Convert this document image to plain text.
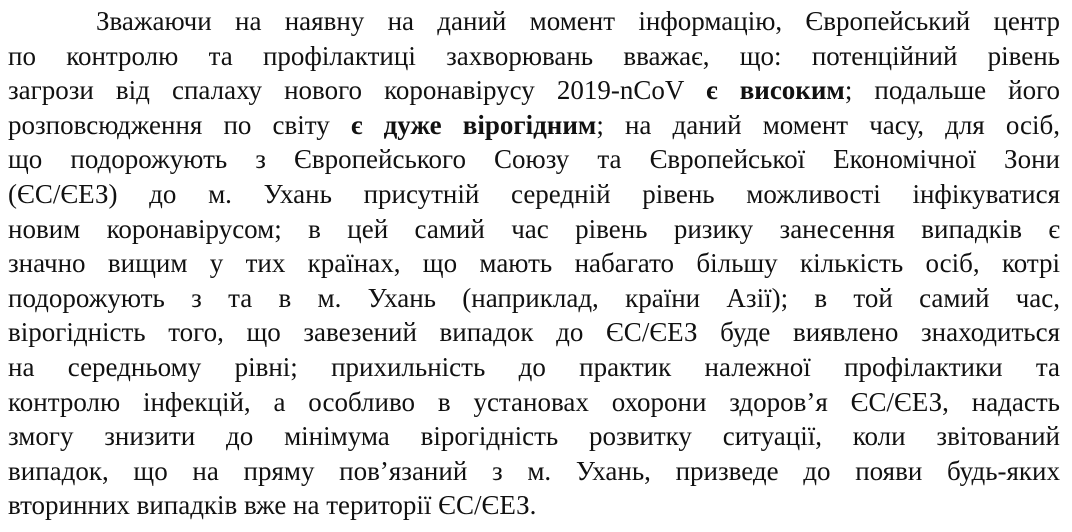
Зважаючи на наявну на даний момент інформацію, Європейський центр
по контролю та профілактиці захворювань вважає, що: потенційний рівень
загрози від спалаху нового коронавірусу 2019-nCoV є високим; подальше його
розповсюдження по світу є дуже вірогідним; на даний момент часу, для осіб,
що подорожують з Європейського Союзу та Європейської Економічної Зони
(ЄС/ЄЕЗ) до м. Ухань присутній середній рівень можливості інфікуватися
новим коронавірусом; в цей самий час рівень ризику занесення випадків є
значно вищим у тих країнах, що мають набагато більшу кількість осіб, котрі
подорожують з та в м. Ухань (наприклад, країни Азії); в той самий час,
вірогідність того, що завезений випадок до ЄС/ЄЕЗ буде виявлено знаходиться
на середньому рівні; прихильність до практик належної профілактики та
контролю інфекцій, а особливо в установах охорони здоров’я ЄС/ЄЕЗ, надасть
змогу знизити до мінімума вірогідність розвитку ситуації, коли звітований
випадок, що на пряму пов’язаний з м. Ухань, призведе до появи будь-яких
вторинних випадків вже на території ЄС/ЄЕЗ.
